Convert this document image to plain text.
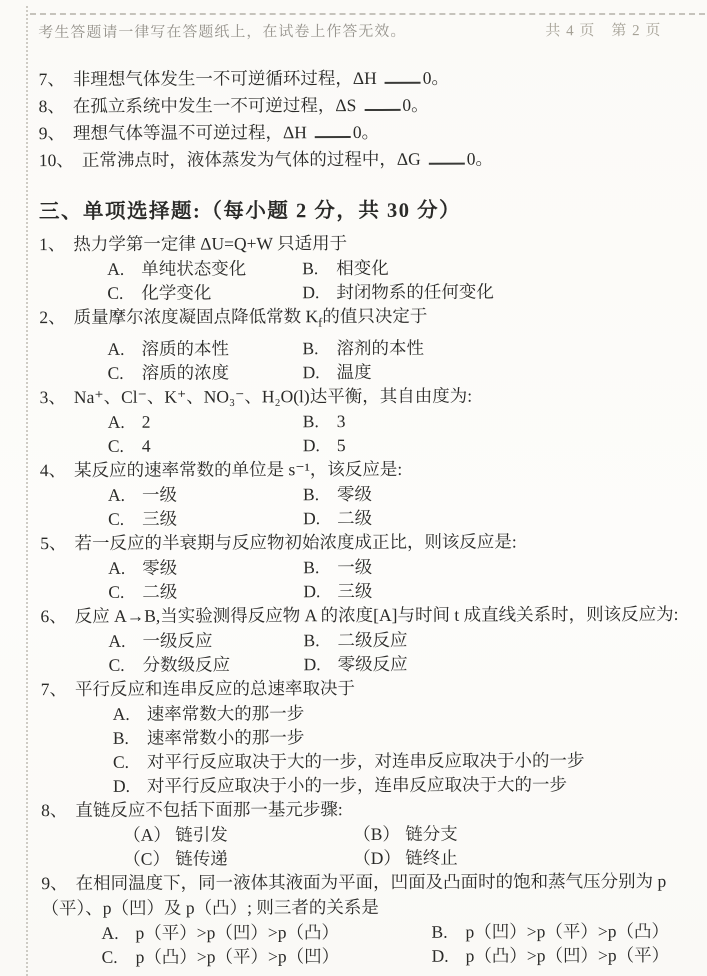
考生答题请一律写在答题纸上，在试卷上作答无效。	共 4 页　第 2 页
7、 非理想气体发生一不可逆循环过程，ΔH	0。
8、 在孤立系统中发生一不可逆过程，ΔS	0。
9、 理想气体等温不可逆过程，ΔH	0。
10、 正常沸点时，液体蒸发为气体的过程中，ΔG	0。
三、单项选择题:（每小题 2 分，共 30 分）
1、 热力学第一定律 ΔU=Q+W 只适用于
A. 单纯状态变化	B. 相变化
C. 化学变化	D. 封闭物系的任何变化
2、 质量摩尔浓度凝固点降低常数 $K_f$的值只决定于
A. 溶质的本性	B. 溶剂的本性
C. 溶质的浓度	D. 温度
3、 Na⁺、Cl⁻、K⁺、NO₃⁻、H₂O(l)达平衡，其自由度为:
A. 2	B. 3
C. 4	D. 5
4、 某反应的速率常数的单位是 s⁻¹，该反应是:
A. 一级	B. 零级
C. 三级	D. 二级
5、 若一反应的半衰期与反应物初始浓度成正比，则该反应是:
A. 零级	B. 一级
C. 二级	D. 三级
6、 反应 A→B,当实验测得反应物 A 的浓度[A]与时间 t 成直线关系时，则该反应为:
A. 一级反应	B. 二级反应
C. 分数级反应	D. 零级反应
7、 平行反应和连串反应的总速率取决于
A. 速率常数大的那一步
B. 速率常数小的那一步
C. 对平行反应取决于大的一步，对连串反应取决于小的一步
D. 对平行反应取决于小的一步，连串反应取决于大的一步
8、 直链反应不包括下面那一基元步骤:
（A） 链引发	（B） 链分支
（C） 链传递	（D） 链终止
9、 在相同温度下，同一液体其液面为平面，凹面及凸面时的饱和蒸气压分别为 p（平）、p（凹）及 p（凸）; 则三者的关系是
A. p（平）>p（凹）>p（凸）	B. p（凹）>p（平）>p（凸）
C. p（凸）>p（平）>p（凹）	D. p（凸）>p（凹）>p（平）
